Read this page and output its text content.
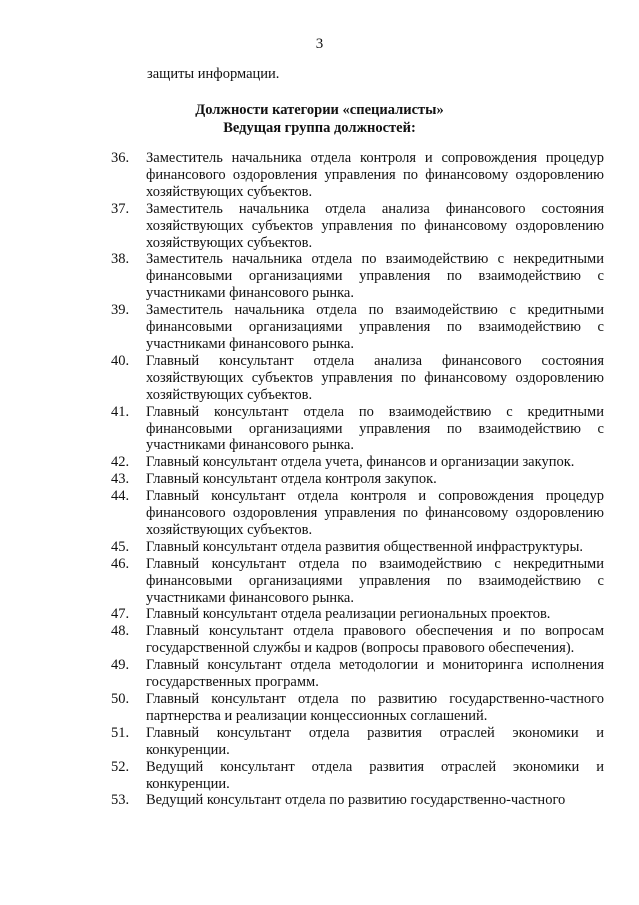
3
защиты информации.
Должности категории «специалисты»
Ведущая группа должностей:
36.	Заместитель начальника отдела контроля и сопровождения процедур финансового оздоровления управления по финансовому оздоровлению хозяйствующих субъектов.
37.	Заместитель начальника отдела анализа финансового состояния хозяйствующих субъектов управления по финансовому оздоровлению хозяйствующих субъектов.
38.	Заместитель начальника отдела по взаимодействию с некредитными финансовыми организациями управления по взаимодействию с участниками финансового рынка.
39.	Заместитель начальника отдела по взаимодействию с кредитными финансовыми организациями управления по взаимодействию с участниками финансового рынка.
40.	Главный консультант отдела анализа финансового состояния хозяйствующих субъектов управления по финансовому оздоровлению хозяйствующих субъектов.
41.	Главный консультант отдела по взаимодействию с кредитными финансовыми организациями управления по взаимодействию с участниками финансового рынка.
42.	Главный консультант отдела учета, финансов и организации закупок.
43.	Главный консультант отдела контроля закупок.
44.	Главный консультант отдела контроля и сопровождения процедур финансового оздоровления управления по финансовому оздоровлению хозяйствующих субъектов.
45.	Главный консультант отдела развития общественной инфраструктуры.
46.	Главный консультант отдела по взаимодействию с некредитными финансовыми организациями управления по взаимодействию с участниками финансового рынка.
47.	Главный консультант отдела реализации региональных проектов.
48.	Главный консультант отдела правового обеспечения и по вопросам государственной службы и кадров (вопросы правового обеспечения).
49.	Главный консультант отдела методологии и мониторинга исполнения государственных программ.
50.	Главный консультант отдела по развитию государственно-частного партнерства и реализации концессионных соглашений.
51.	Главный консультант отдела развития отраслей экономики и конкуренции.
52.	Ведущий консультант отдела развития отраслей экономики и конкуренции.
53.	Ведущий консультант отдела по развитию государственно-частного
